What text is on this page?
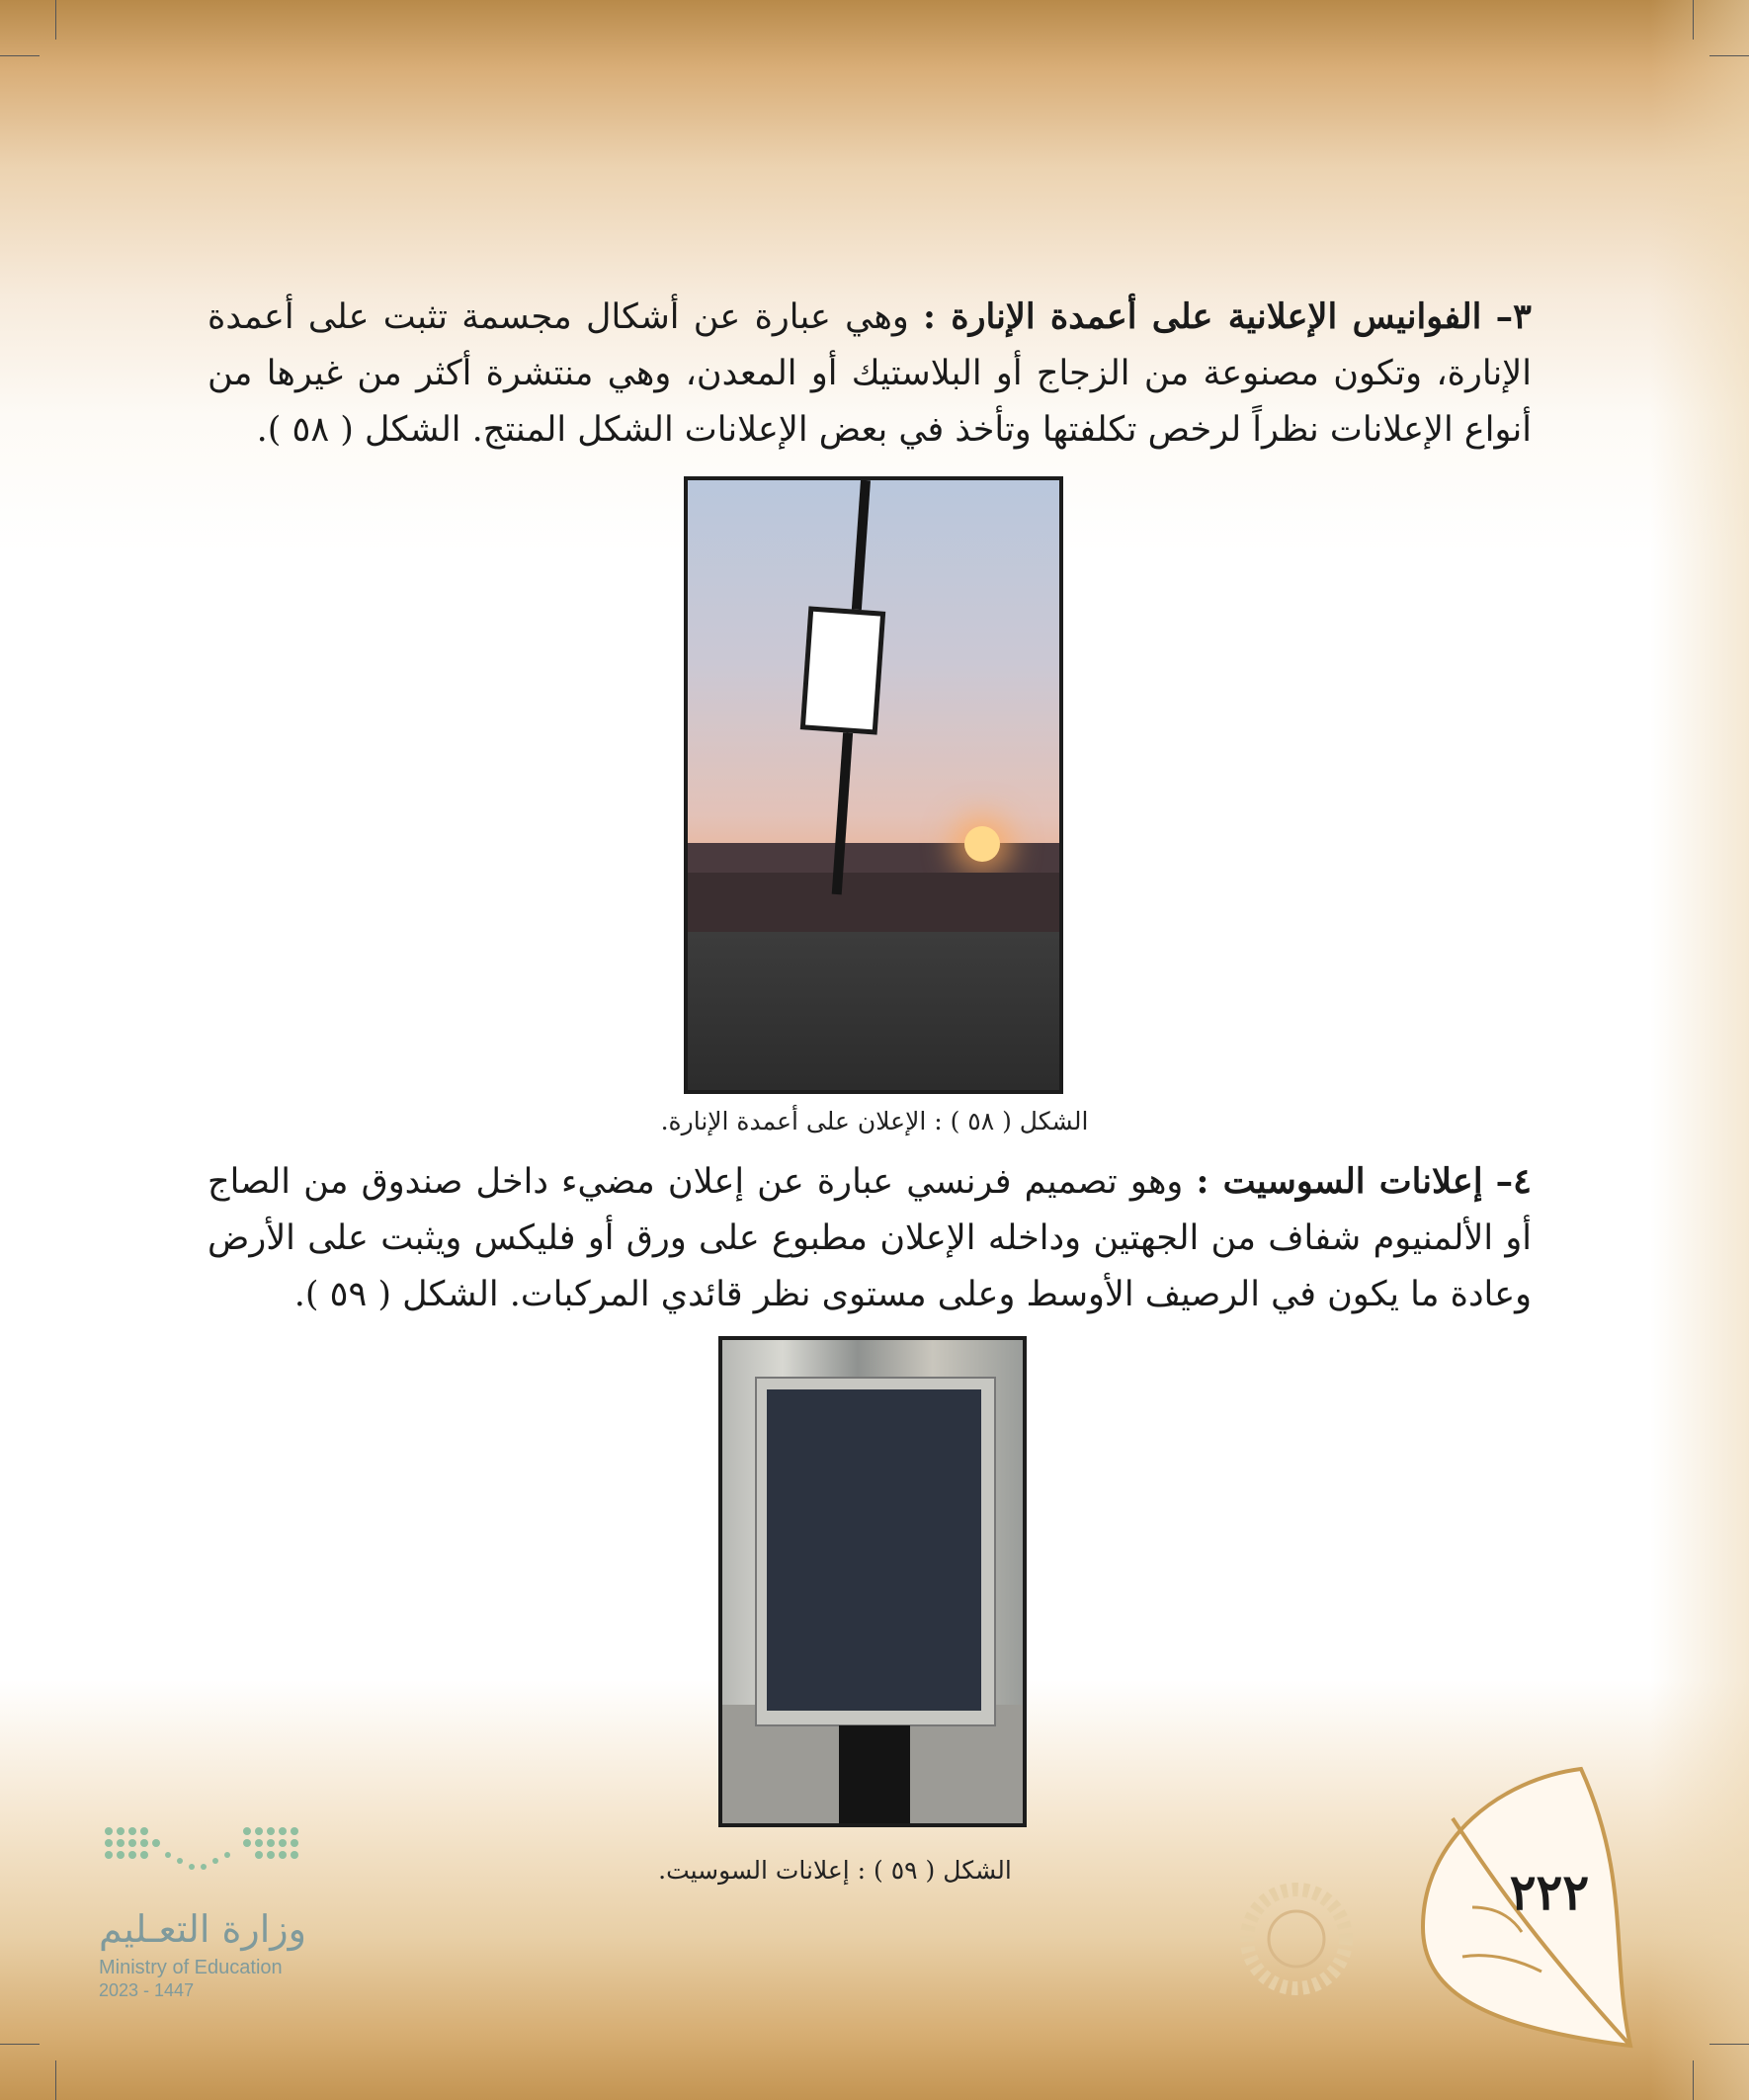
٣– الفوانيس الإعلانية على أعمدة الإنارة : وهي عبارة عن أشكال مجسمة تثبت على أعمدة الإنارة، وتكون مصنوعة من الزجاج أو البلاستيك أو المعدن، وهي منتشرة أكثر من غيرها من أنواع الإعلانات نظراً لرخص تكلفتها وتأخذ في بعض الإعلانات الشكل المنتج. الشكل ( ٥٨ ).
الشكل ( ٥٨ ) : الإعلان على أعمدة الإنارة.
٤– إعلانات السوسيت : وهو تصميم فرنسي عبارة عن إعلان مضيء داخل صندوق من الصاج أو الألمنيوم شفاف من الجهتين وداخله الإعلان مطبوع على ورق أو فليكس ويثبت على الأرض وعادة ما يكون في الرصيف الأوسط وعلى مستوى نظر قائدي المركبات. الشكل ( ٥٩ ).
الشكل ( ٥٩ ) : إعلانات السوسيت.	٢٢٢
وزارة التعـليم
Ministry of Education
2023 - 1447
